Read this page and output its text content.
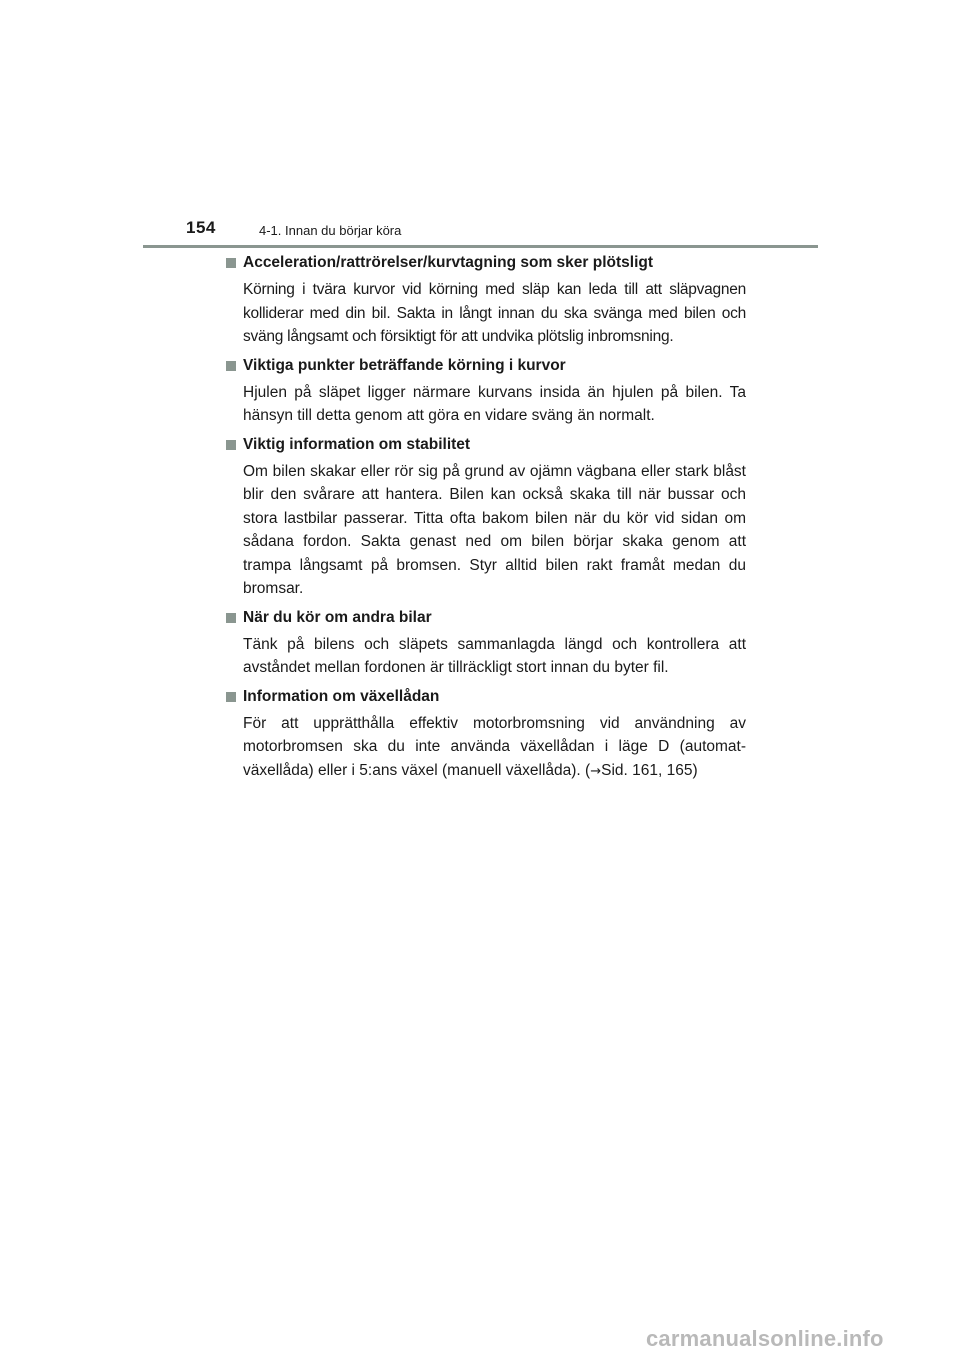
154	4-1. Innan du börjar köra
Acceleration/rattrörelser/kurvtagning som sker plötsligt
Körning i tvära kurvor vid körning med släp kan leda till att släpvagnen kolliderar med din bil. Sakta in långt innan du ska svänga med bilen och sväng långsamt och försiktigt för att undvika plötslig inbromsning.
Viktiga punkter beträffande körning i kurvor
Hjulen på släpet ligger närmare kurvans insida än hjulen på bilen. Ta hänsyn till detta genom att göra en vidare sväng än normalt.
Viktig information om stabilitet
Om bilen skakar eller rör sig på grund av ojämn vägbana eller stark blåst blir den svårare att hantera. Bilen kan också skaka till när bussar och stora lastbilar passerar. Titta ofta bakom bilen när du kör vid sidan om sådana fordon. Sakta genast ned om bilen börjar skaka genom att trampa långsamt på bromsen. Styr alltid bilen rakt framåt medan du bromsar.
När du kör om andra bilar
Tänk på bilens och släpets sammanlagda längd och kontrollera att avståndet mellan fordonen är tillräckligt stort innan du byter fil.
Information om växellådan
För att upprätthålla effektiv motorbromsning vid användning av motorbromsen ska du inte använda växellådan i läge D (automat-växellåda) eller i 5:ans växel (manuell växellåda). (→Sid. 161, 165)
carmanualsonline.info
